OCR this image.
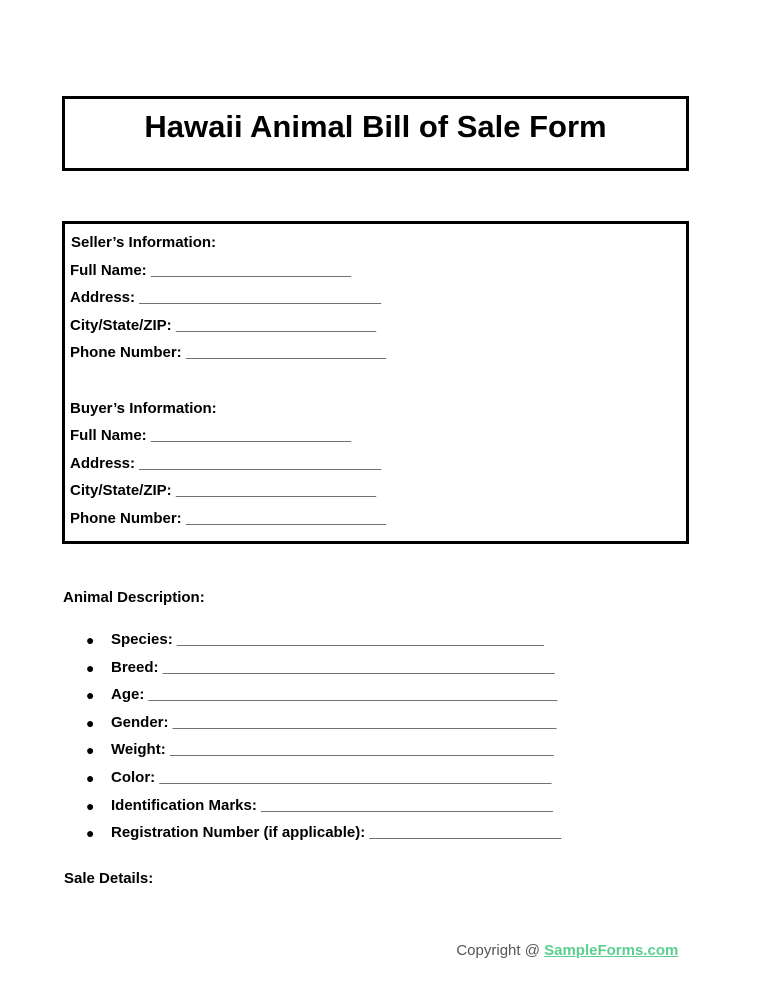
Hawaii Animal Bill of Sale Form
Seller’s Information:
Full Name: ________________________
Address: _____________________________
City/State/ZIP: ________________________
Phone Number: ________________________
Buyer’s Information:
Full Name: ________________________
Address: _____________________________
City/State/ZIP: ________________________
Phone Number: ________________________
Animal Description:

●

Species: ____________________________________________

●

Breed: _______________________________________________

●

Age: _________________________________________________

●

Gender: ______________________________________________

●

Weight: ______________________________________________

●

Color: _______________________________________________

●

Identification Marks: ___________________________________

●

Registration Number (if applicable): _______________________

Sale Details:

Copyright @ SampleForms.com
